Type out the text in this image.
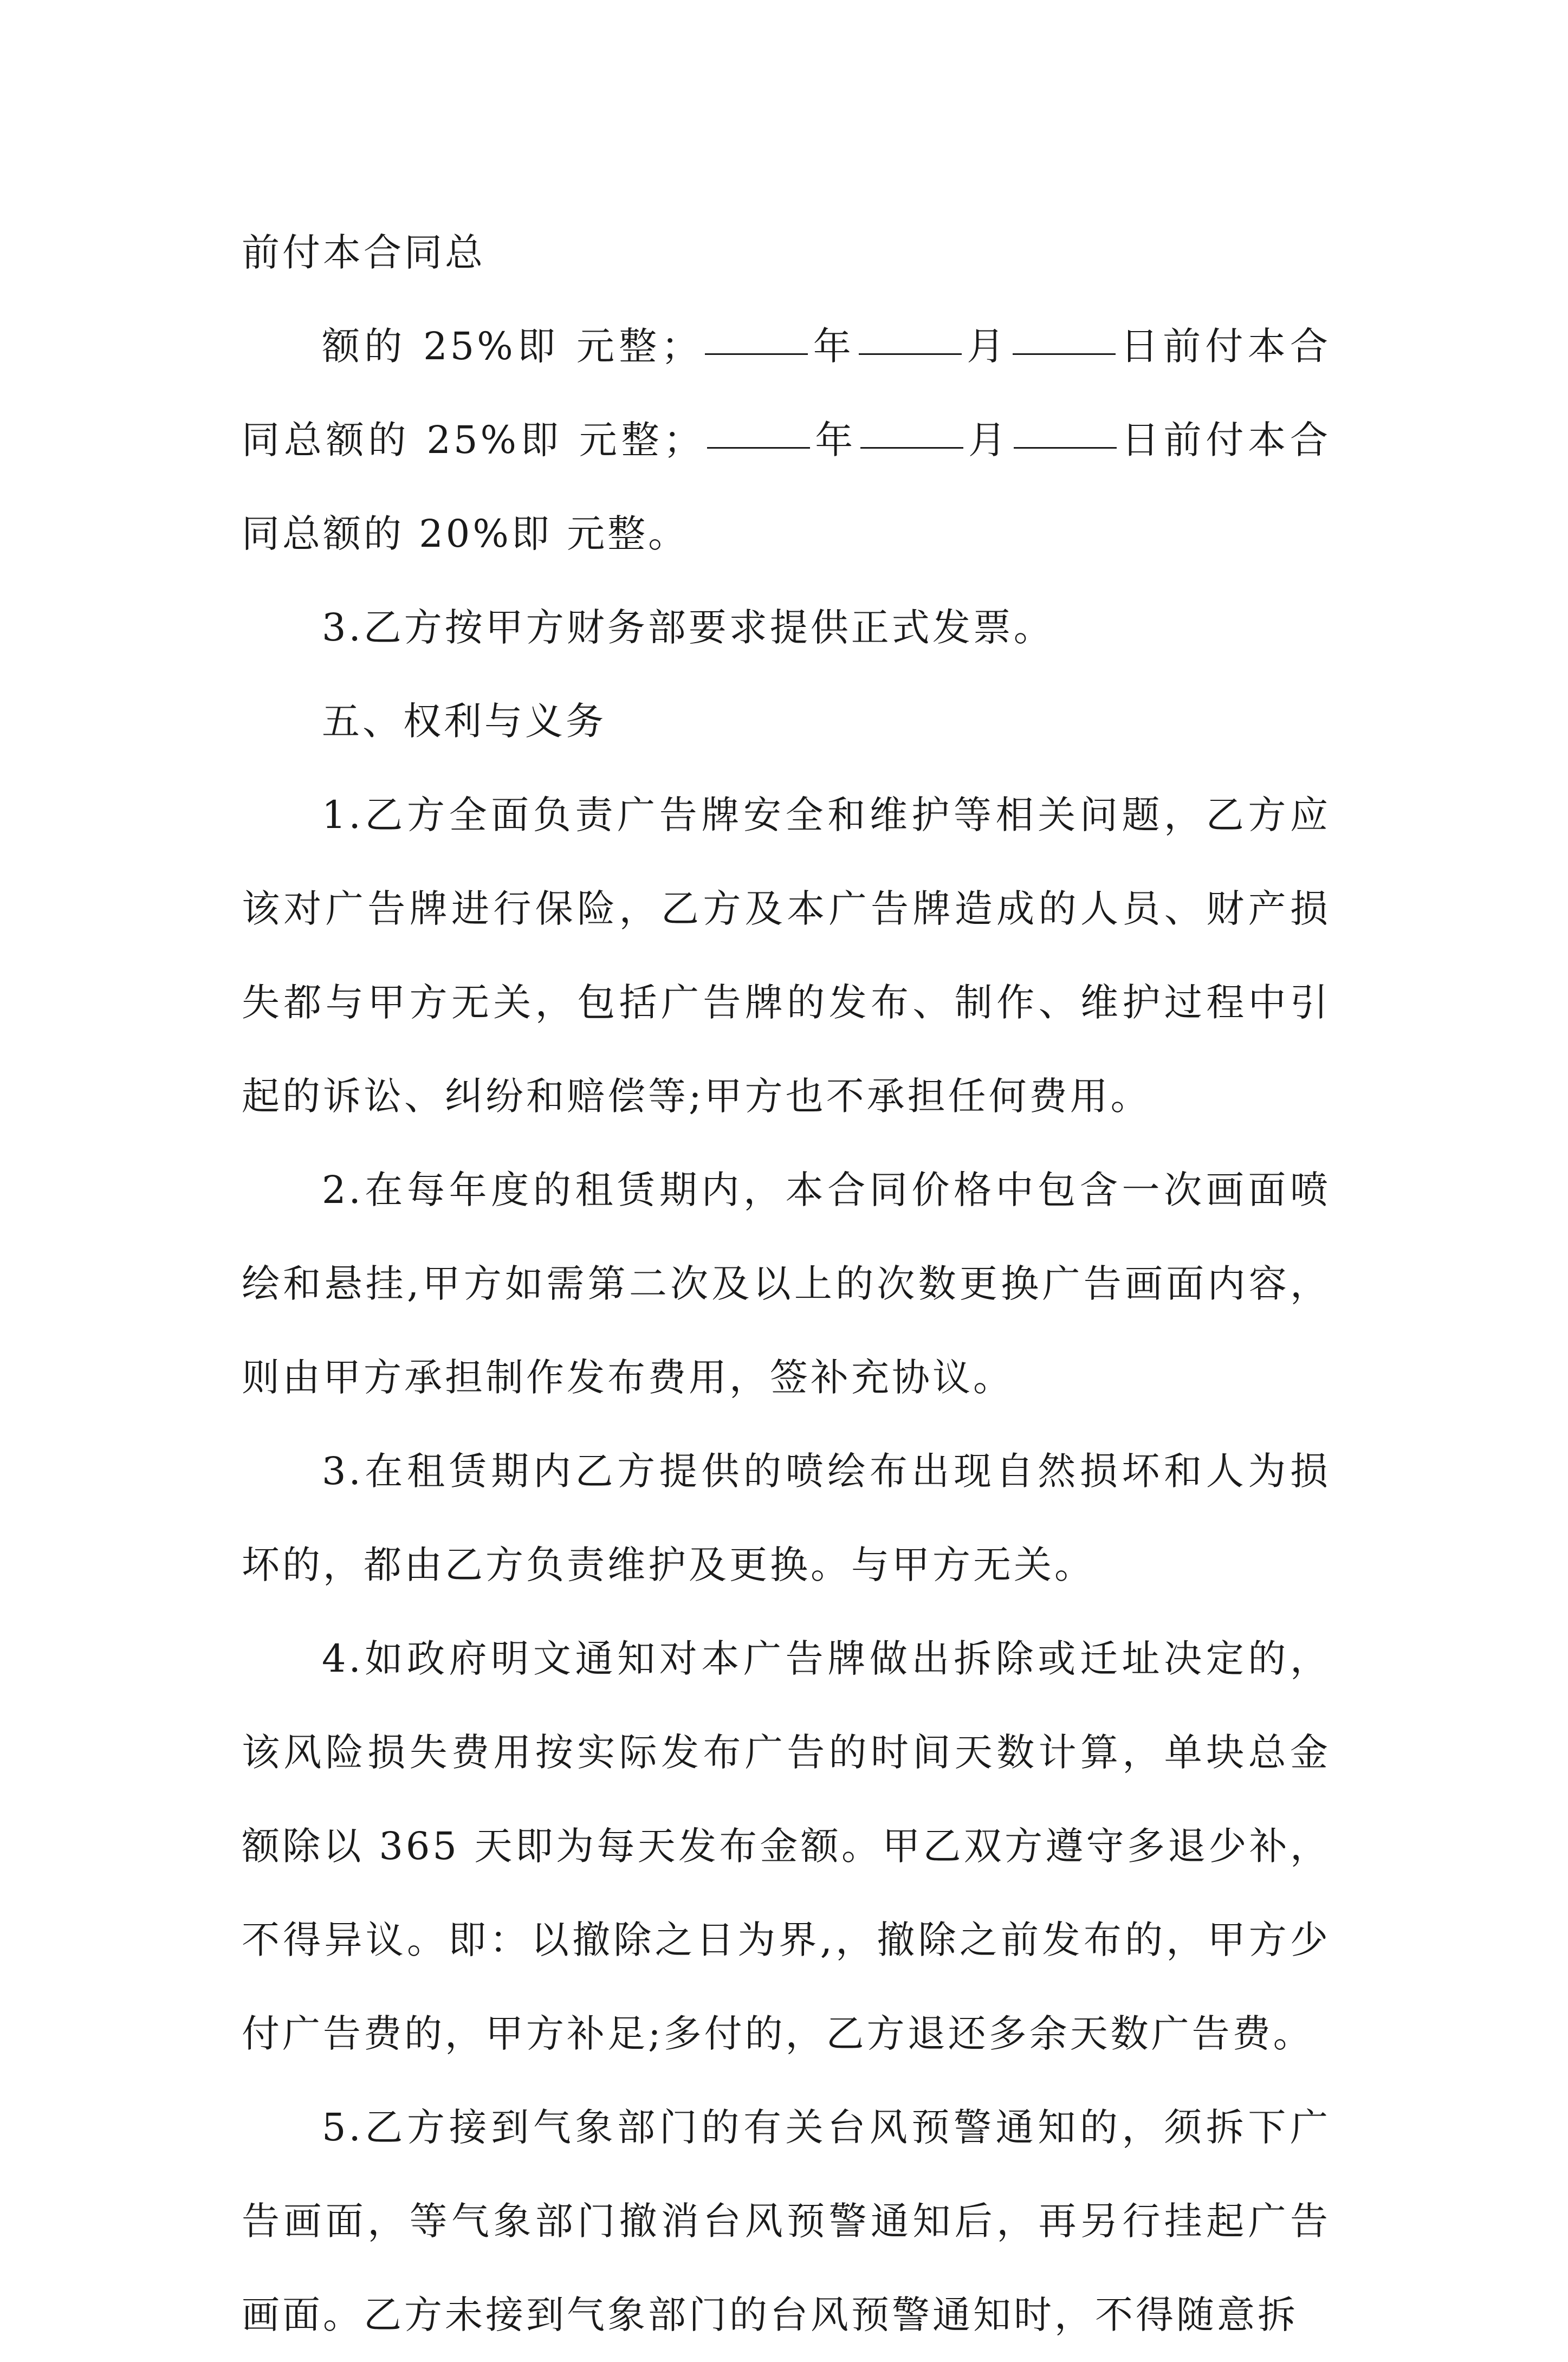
前付本合同总

额的 25%即 元整；	年	月	日前付本合同总额的 25%即 元整；	年	月	日前付本合同总额的 20%即 元整。

3.乙方按甲方财务部要求提供正式发票。

五、权利与义务

1.乙方全面负责广告牌安全和维护等相关问题，乙方应该对广告牌进行保险，乙方及本广告牌造成的人员、财产损失都与甲方无关，包括广告牌的发布、制作、维护过程中引起的诉讼、纠纷和赔偿等;甲方也不承担任何费用。

2.在每年度的租赁期内，本合同价格中包含一次画面喷绘和悬挂,甲方如需第二次及以上的次数更换广告画面内容，则由甲方承担制作发布费用，签补充协议。

3.在租赁期内乙方提供的喷绘布出现自然损坏和人为损坏的，都由乙方负责维护及更换。与甲方无关。

4.如政府明文通知对本广告牌做出拆除或迁址决定的，该风险损失费用按实际发布广告的时间天数计算，单块总金额除以 365 天即为每天发布金额。甲乙双方遵守多退少补，不得异议。即：以撤除之日为界,，撤除之前发布的，甲方少付广告费的，甲方补足;多付的，乙方退还多余天数广告费。

5.乙方接到气象部门的有关台风预警通知的，须拆下广告画面，等气象部门撤消台风预警通知后，再另行挂起广告画面。乙方未接到气象部门的台风预警通知时，不得随意拆
